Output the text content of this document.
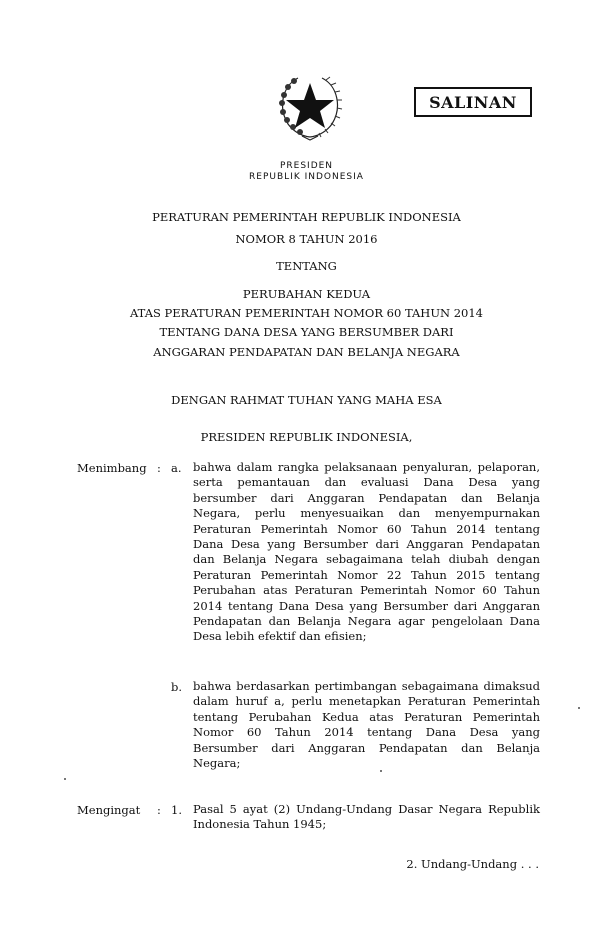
SALINAN
PRESIDEN
REPUBLIK INDONESIA
PERATURAN PEMERINTAH REPUBLIK INDONESIA
NOMOR 8 TAHUN 2016
TENTANG
PERUBAHAN KEDUA
ATAS PERATURAN PEMERINTAH NOMOR 60 TAHUN 2014
TENTANG DANA DESA YANG BERSUMBER DARI
ANGGARAN PENDAPATAN DAN BELANJA NEGARA
DENGAN RAHMAT TUHAN YANG MAHA ESA
PRESIDEN REPUBLIK INDONESIA,
Menimbang : a. bahwa dalam rangka pelaksanaan penyaluran, pelaporan,
serta pemantauan dan evaluasi Dana Desa yang
bersumber dari Anggaran Pendapatan dan Belanja
Negara, perlu menyesuaikan dan menyempurnakan
Peraturan Pemerintah Nomor 60 Tahun 2014 tentang
Dana Desa yang Bersumber dari Anggaran Pendapatan
dan Belanja Negara sebagaimana telah diubah dengan
Peraturan Pemerintah Nomor 22 Tahun 2015 tentang
Perubahan atas Peraturan Pemerintah Nomor 60 Tahun
2014 tentang Dana Desa yang Bersumber dari Anggaran
Pendapatan dan Belanja Negara agar pengelolaan Dana
Desa lebih efektif dan efisien;
b. bahwa berdasarkan pertimbangan sebagaimana dimaksud
dalam huruf a, perlu menetapkan Peraturan Pemerintah
tentang Perubahan Kedua atas Peraturan Pemerintah
Nomor 60 Tahun 2014 tentang Dana Desa yang
Bersumber dari Anggaran Pendapatan dan Belanja
Negara;
Mengingat : 1. Pasal 5 ayat (2) Undang-Undang Dasar Negara Republik
Indonesia Tahun 1945;
2. Undang-Undang . . .
